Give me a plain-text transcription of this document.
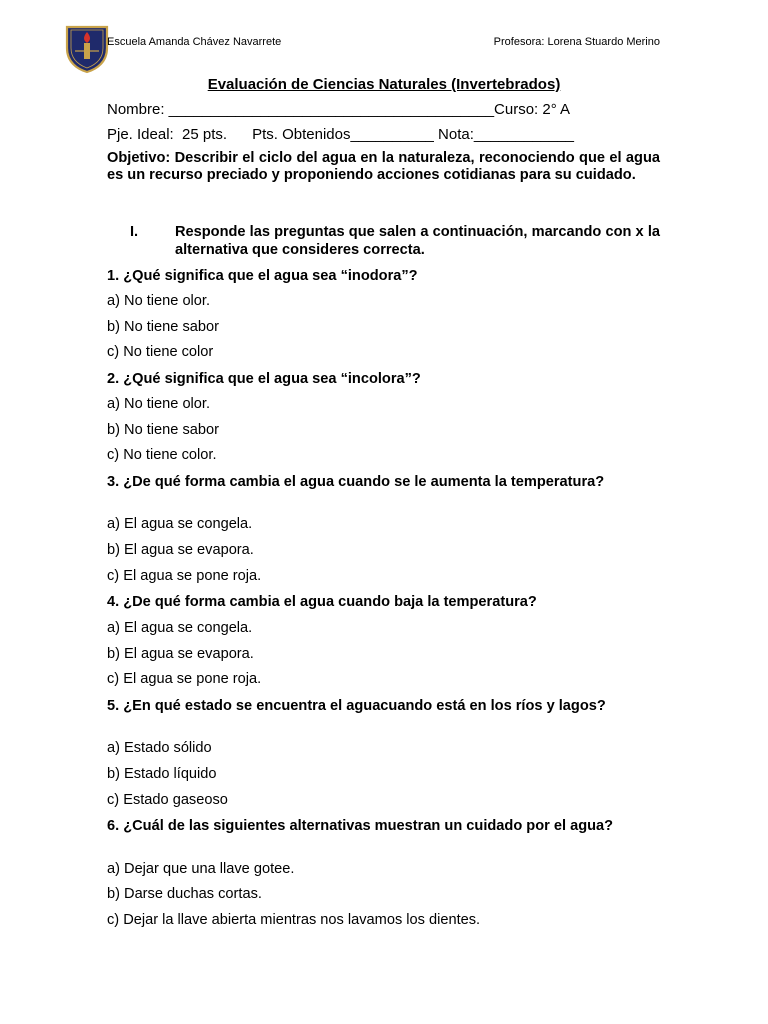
Escuela Amanda Chávez Navarrete	Profesora: Lorena Stuardo Merino
Evaluación de Ciencias Naturales (Invertebrados)
Nombre: _______________________________________Curso: 2° A
Pje. Ideal:  25 pts.      Pts. Obtenidos__________ Nota:____________
Objetivo: Describir el ciclo del agua en la naturaleza, reconociendo que el agua es un recurso preciado y proponiendo acciones cotidianas para su cuidado.
I.	Responde las preguntas que salen a continuación, marcando con x la alternativa que consideres correcta.
1. ¿Qué significa que el agua sea “inodora”?
a) No tiene olor.
b) No tiene sabor
c) No tiene color
2. ¿Qué significa que el agua sea “incolora”?
a) No tiene olor.
b) No tiene sabor
c) No tiene color.
3. ¿De qué forma cambia el agua cuando se le aumenta la temperatura?
a) El agua se congela.
b) El agua se evapora.
c) El agua se pone roja.
4. ¿De qué forma cambia el agua cuando baja la temperatura?
a) El agua se congela.
b) El agua se evapora.
c) El agua se pone roja.
5. ¿En qué estado se encuentra el aguacuando está en los ríos y lagos?
a) Estado sólido
b) Estado líquido
c) Estado gaseoso
6. ¿Cuál de las siguientes alternativas muestran un cuidado por el agua?
a) Dejar que una llave gotee.
b) Darse duchas cortas.
c) Dejar la llave abierta mientras nos lavamos los dientes.
